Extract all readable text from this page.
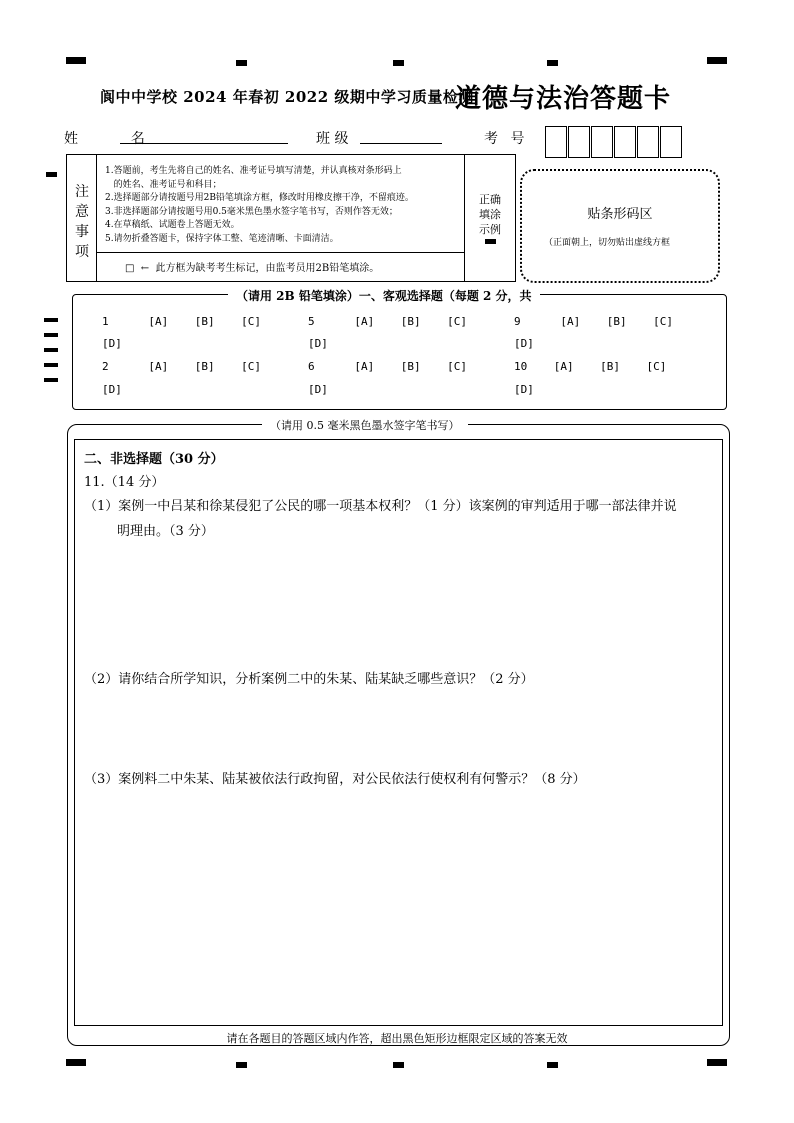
阆中中学校 2024 年春初 2022 级期中学习质量检测
道德与法治答题卡
姓  名	班 级	考 号
注
意
事
项
1.答题前，考生先将自己的姓名、准考证号填写清楚，并认真核对条形码上
的姓名、准考证号和科目；
2.选择题部分请按题号用2B铅笔填涂方框，修改时用橡皮擦干净，不留痕迹。
3.非选择题部分请按题号用0.5毫米黑色墨水签字笔书写，否则作答无效；
4.在草稿纸、试题卷上答题无效。
5.请勿折叠答题卡，保持字体工整、笔迹清晰、卡面清洁。
□  ←  此方框为缺考考生标记，由监考员用2B铅笔填涂。
正确
填涂
示例
贴条形码区
（正面朝上，切勿贴出虚线方框
（请用 2B 铅笔填涂）一、客观选择题（每题 2 分，共
1      [A]    [B]    [C]	5      [A]    [B]    [C]	9      [A]    [B]    [C]
[D]	[D]	[D]
2      [A]    [B]    [C]	6      [A]    [B]    [C]	10    [A]    [B]    [C]
[D]	[D]	[D]
（请用 0.5 毫米黑色墨水签字笔书写）
二、非选择题（30 分）
11.（14 分）
（1）案例一中吕某和徐某侵犯了公民的哪一项基本权利？（1 分）该案例的审判适用于哪一部法律并说
明理由。（3 分）
（2）请你结合所学知识，分析案例二中的朱某、陆某缺乏哪些意识？（2 分）
（3）案例料二中朱某、陆某被依法行政拘留，对公民依法行使权利有何警示？（8 分）
请在各题目的答题区域内作答，超出黑色矩形边框限定区域的答案无效
